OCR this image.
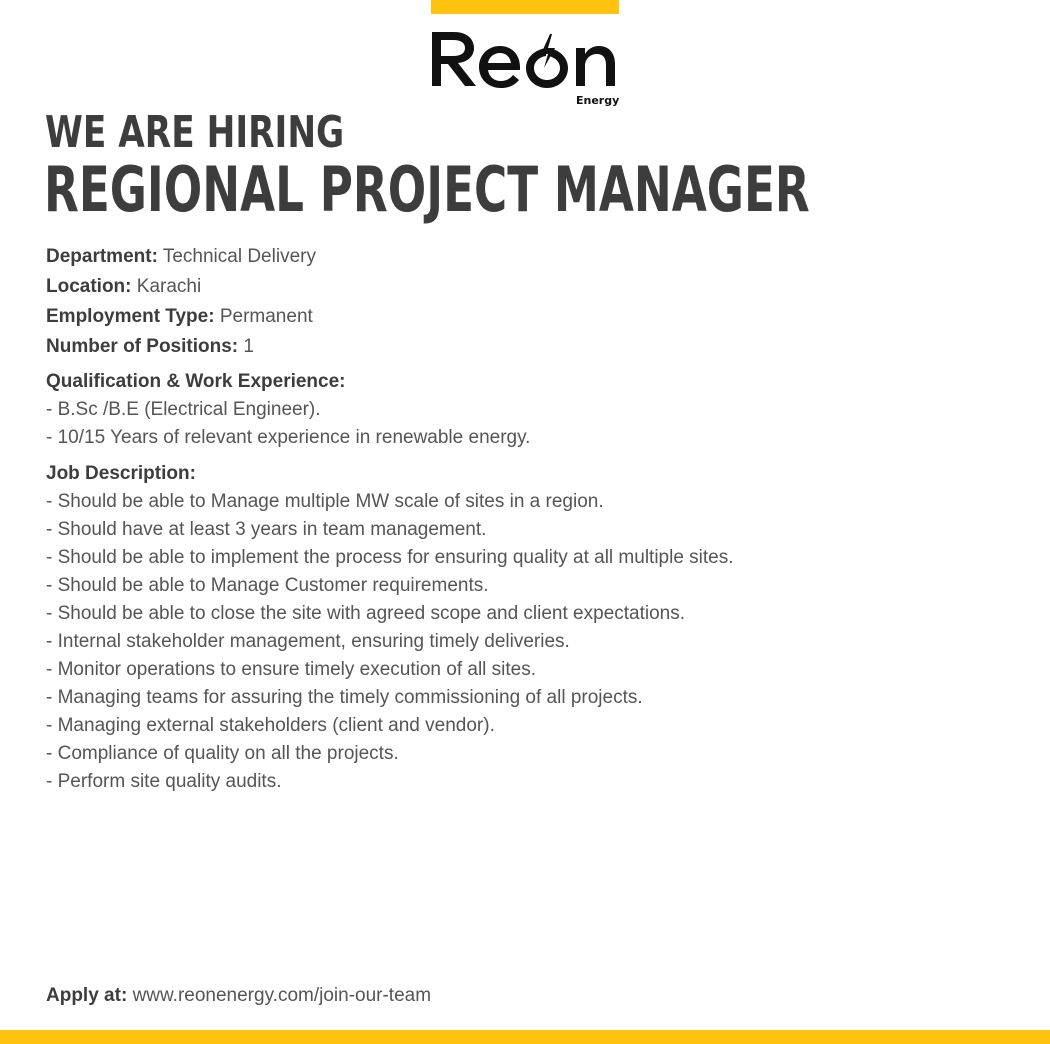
Energy
WE ARE HIRING
REGIONAL PROJECT MANAGER
Department: Technical Delivery
Location: Karachi
Employment Type: Permanent
Number of Positions: 1
Qualification & Work Experience:
- B.Sc /B.E (Electrical Engineer).
- 10/15 Years of relevant experience in renewable energy.
Job Description:
- Should be able to Manage multiple MW scale of sites in a region.
- Should have at least 3 years in team management.
- Should be able to implement the process for ensuring quality at all multiple sites.
- Should be able to Manage Customer requirements.
- Should be able to close the site with agreed scope and client expectations.
- Internal stakeholder management, ensuring timely deliveries.
- Monitor operations to ensure timely execution of all sites.
- Managing teams for assuring the timely commissioning of all projects.
- Managing external stakeholders (client and vendor).
- Compliance of quality on all the projects.
- Perform site quality audits.
Apply at: www.reonenergy.com/join-our-team
